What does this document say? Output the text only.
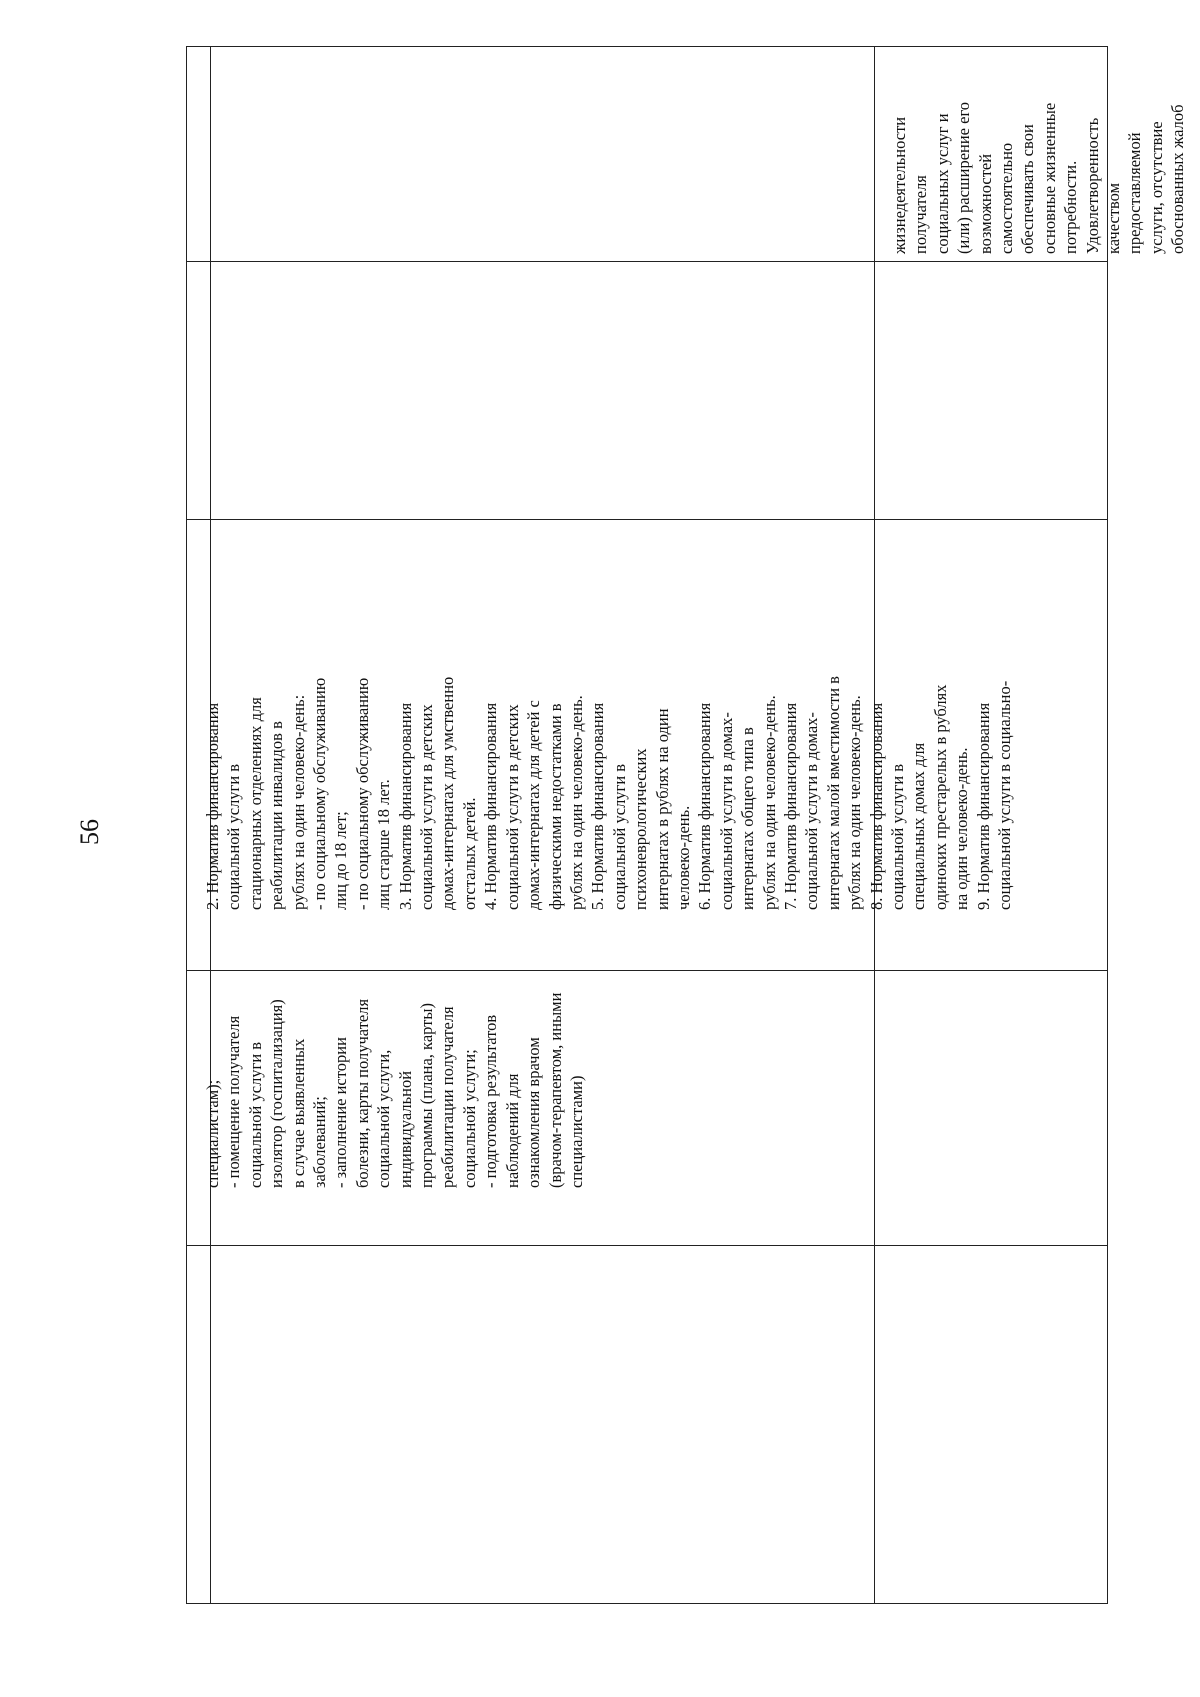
56
специалистам); - помещение получателя социальной услуги в изолятор (госпитализация) в случае выявленных заболеваний; - заполнение истории болезни, карты получателя социальной услуги, индивидуальной программы (плана, карты) реабилитации получателя социальной услуги; - подготовка результатов наблюдений для ознакомления врачом (врачом-терапевтом, иными специалистами)
2. Норматив финансирования социальной услуги в стационарных отделениях для реабилитации инвалидов в рублях на один человеко-день: - по социальному обслуживанию лиц до 18 лет; - по социальному обслуживанию лиц старше 18 лет. 3. Норматив финансирования социальной услуги в детских домах-интернатах для умственно отсталых детей. 4. Норматив финансирования социальной услуги в детских домах-интернатах для детей с физическими недостатками в рублях на один человеко-день. 5. Норматив финансирования социальной услуги в психоневрологических интернатах в рублях на один человеко-день. 6. Норматив финансирования социальной услуги в домах- интернатах общего типа в рублях на один человеко-день. 7. Норматив финансирования социальной услуги в домах- интернатах малой вместимости в рублях на один человеко-день. 8. Норматив финансирования социальной услуги в специальных домах для одиноких престарелых в рублях на один человеко-день. 9. Норматив финансирования социальной услуги в социально-
жизнедеятельности получателя социальных услуг и (или) расширение его возможностей самостоятельно обеспечивать свои основные жизненные потребности. Удовлетворенность качеством предоставляемой услуги, отсутствие обоснованных жалоб
